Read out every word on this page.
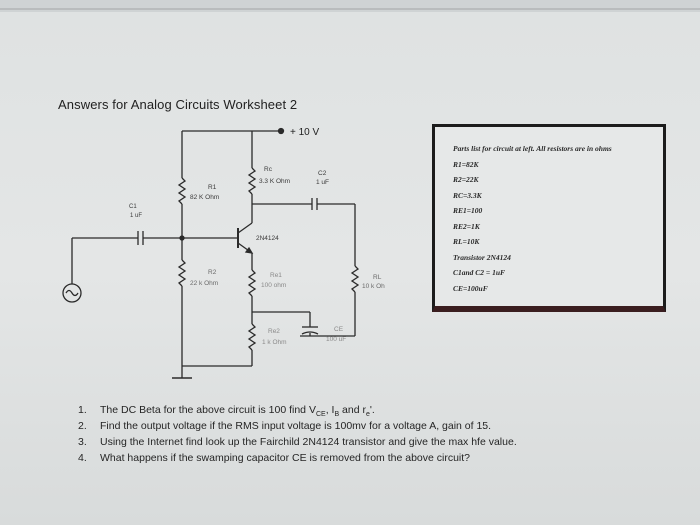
Answers for Analog Circuits Worksheet 2
+ 10 V
Rc
3.3 K Ohm
C2
1 uF
R1
82 K Ohm
C1
1 uF
2N4124
R2
22 k Ohm
Re1
100 ohm
RL
10 k Oh
Re2
1 k Ohm
CE
100 uF
Parts list for circuit at left. All resistors are in ohms
R1=82K
R2=22K
RC=3.3K
RE1=100
RE2=1K
RL=10K
Transistor 2N4124
C1and C2 = 1uF
CE=100uF
1. The DC Beta for the above circuit is 100 find $V_{CE}$, $I_B$ and $r_e'$.
2. Find the output voltage if the RMS input voltage is 100mv for a voltage A, gain of 15.
3. Using the Internet find look up the Fairchild 2N4124 transistor and give the max hfe value.
4. What happens if the swamping capacitor CE is removed from the above circuit?
